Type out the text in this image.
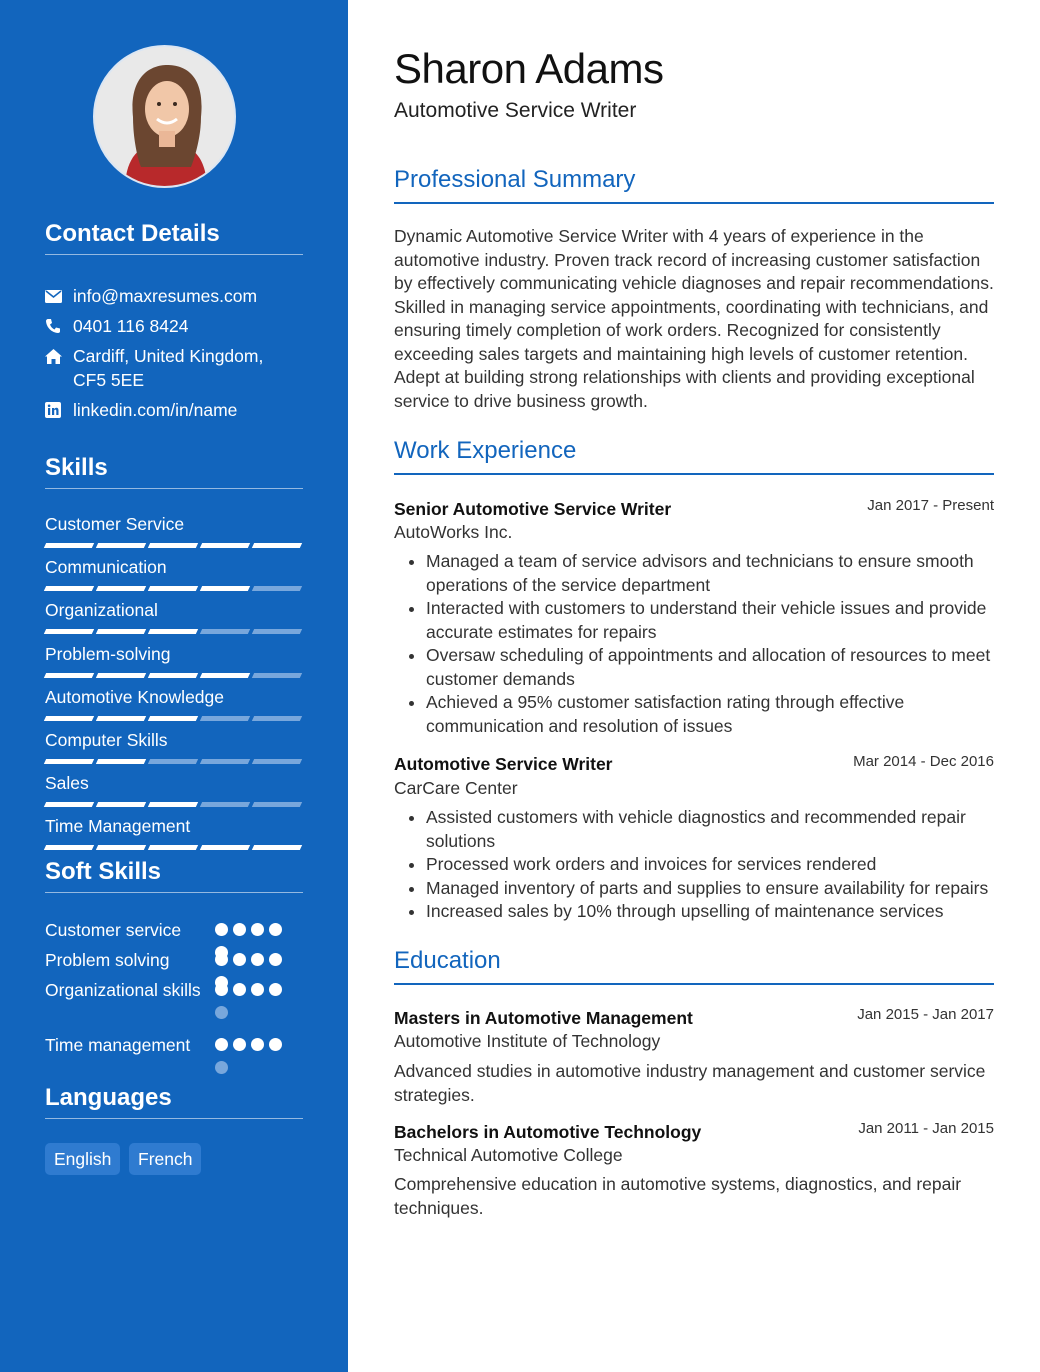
Contact Details
info@maxresumes.com
0401 116 8424
Cardiff, United Kingdom,
CF5 5EE
linkedin.com/in/name
Skills
Customer Service
Communication
Organizational
Problem-solving
Automotive Knowledge
Computer Skills
Sales
Time Management
Soft Skills
Customer service
Problem solving
Organizational skills
Time management
Languages
English	French
Sharon Adams
Automotive Service Writer
Professional Summary
Dynamic Automotive Service Writer with 4 years of experience in the automotive industry. Proven track record of increasing customer satisfaction by effectively communicating vehicle diagnoses and repair recommendations. Skilled in managing service appointments, coordinating with technicians, and ensuring timely completion of work orders. Recognized for consistently exceeding sales targets and maintaining high levels of customer retention. Adept at building strong relationships with clients and providing exceptional service to drive business growth.
Work Experience
Senior Automotive Service Writer	Jan 2017 - Present
AutoWorks Inc.
• Managed a team of service advisors and technicians to ensure smooth operations of the service department
• Interacted with customers to understand their vehicle issues and provide accurate estimates for repairs
• Oversaw scheduling of appointments and allocation of resources to meet customer demands
• Achieved a 95% customer satisfaction rating through effective communication and resolution of issues
Automotive Service Writer	Mar 2014 - Dec 2016
CarCare Center
• Assisted customers with vehicle diagnostics and recommended repair solutions
• Processed work orders and invoices for services rendered
• Managed inventory of parts and supplies to ensure availability for repairs
• Increased sales by 10% through upselling of maintenance services
Education
Masters in Automotive Management	Jan 2015 - Jan 2017
Automotive Institute of Technology
Advanced studies in automotive industry management and customer service strategies.
Bachelors in Automotive Technology	Jan 2011 - Jan 2015
Technical Automotive College
Comprehensive education in automotive systems, diagnostics, and repair techniques.
